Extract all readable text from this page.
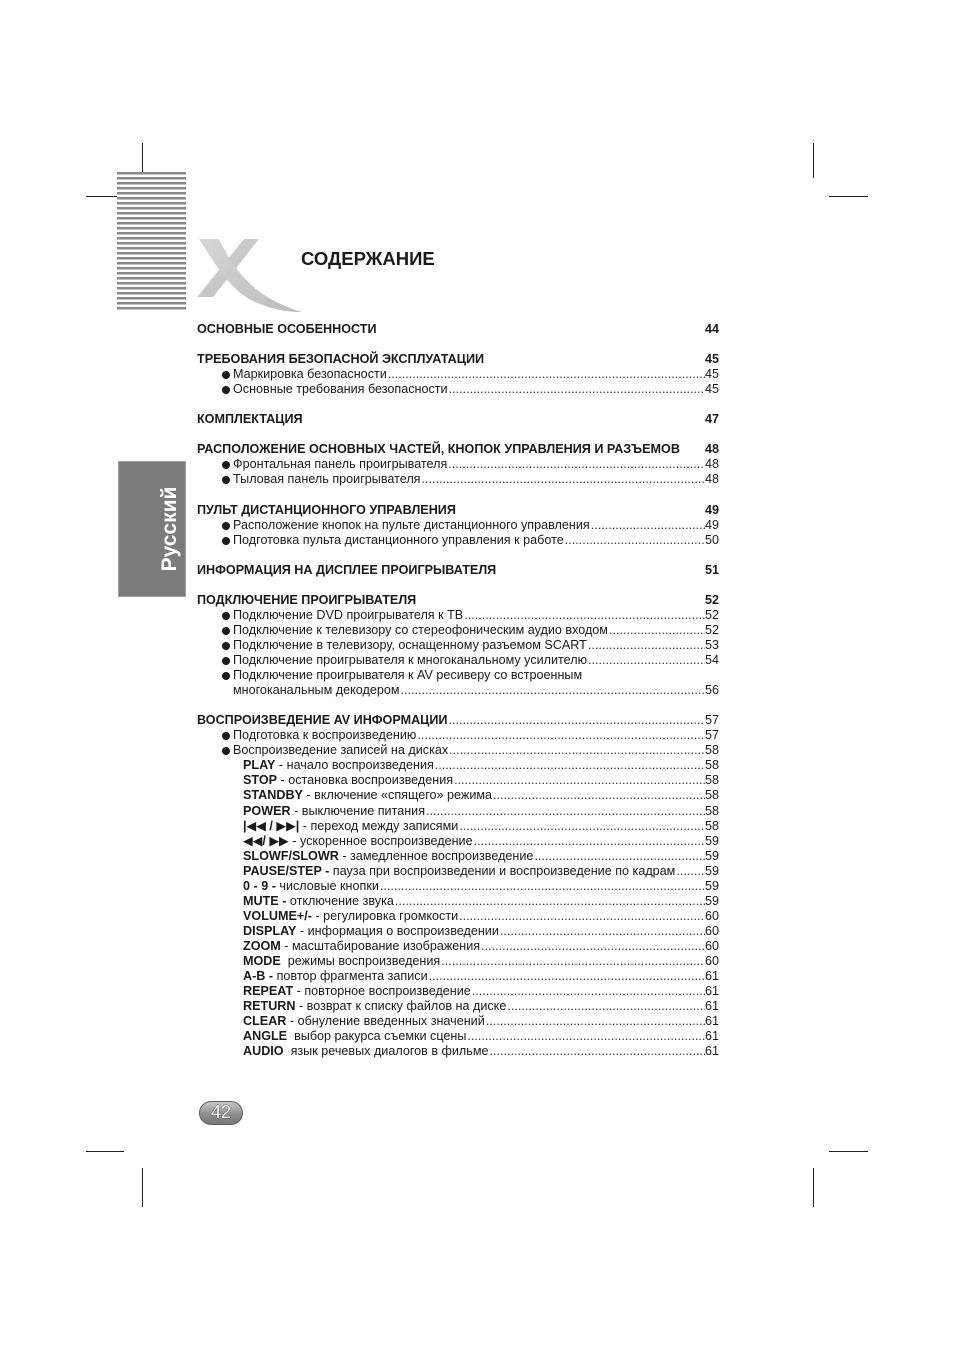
СОДЕРЖАНИЕ
Русский
ОСНОВНЫЕ ОСОБЕННОСТИ	44
ТРЕБОВАНИЯ БЕЗОПАСНОЙ ЭКСПЛУАТАЦИИ	45
Маркировка безопасности .....	45
Основные требования безопасности .....	45
КОМПЛЕКТАЦИЯ	47
РАСПОЛОЖЕНИЕ ОСНОВНЫХ ЧАСТЕЙ, КНОПОК УПРАВЛЕНИЯ И РАЗЪЕМОВ 48
Фронтальная панель проигрывателя .....	48
Тыловая панель проигрывателя .....	48
ПУЛЬТ ДИСТАНЦИОННОГО УПРАВЛЕНИЯ	49
Расположение кнопок на пульте дистанционного управления .....	49
Подготовка пульта дистанционного управления к работе .....	50
ИНФОРМАЦИЯ НА ДИСПЛЕЕ ПРОИГРЫВАТЕЛЯ	51
ПОДКЛЮЧЕНИЕ ПРОИГРЫВАТЕЛЯ	52
Подключение DVD проигрывателя к ТВ .....	52
Подключение к телевизору со стереофоническим аудио входом .....	52
Подключение в телевизору, оснащенному разъемом SCART .....	53
Подключение проигрывателя к многоканальному усилителю .....	54
Подключение проигрывателя к AV ресиверу со встроенным
многоканальным декодером .....	56
ВОСПРОИЗВЕДЕНИЕ AV ИНФОРМАЦИИ .....	57
Подготовка к воспроизведению .....	57
Воспроизведение записей на дисках .....	58
PLAY - начало воспроизведения .....	58
STOP - остановка воспроизведения .....	58
STANDBY - включение «спящего» режима .....	58
POWER - выключение питания .....	58
|◀◀ / ▶▶| - переход между записями .....	58
◀◀/ ▶▶ - ускоренное воспроизведение .....	59
SLOWF/SLOWR - замедленное воспроизведение .....	59
PAUSE/STEP - пауза при воспроизведении и воспроизведение по кадрам ..... 59
0 - 9 - числовые кнопки .....	59
MUTE - отключение звука .....	59
VOLUME+/- - регулировка громкости .....	60
DISPLAY - информация о воспроизведении .....	60
ZOOM - масштабирование изображения .....	60
MODE режимы воспроизведения .....	60
A-B - повтор фрагмента записи .....	61
REPEAT - повторное воспроизведение .....	61
RETURN - возврат к списку файлов на диске .....	61
CLEAR - обнуление введенных значений .....	61
ANGLE выбор ракурса съемки сцены .....	61
AUDIO язык речевых диалогов в фильме .....	61
42
